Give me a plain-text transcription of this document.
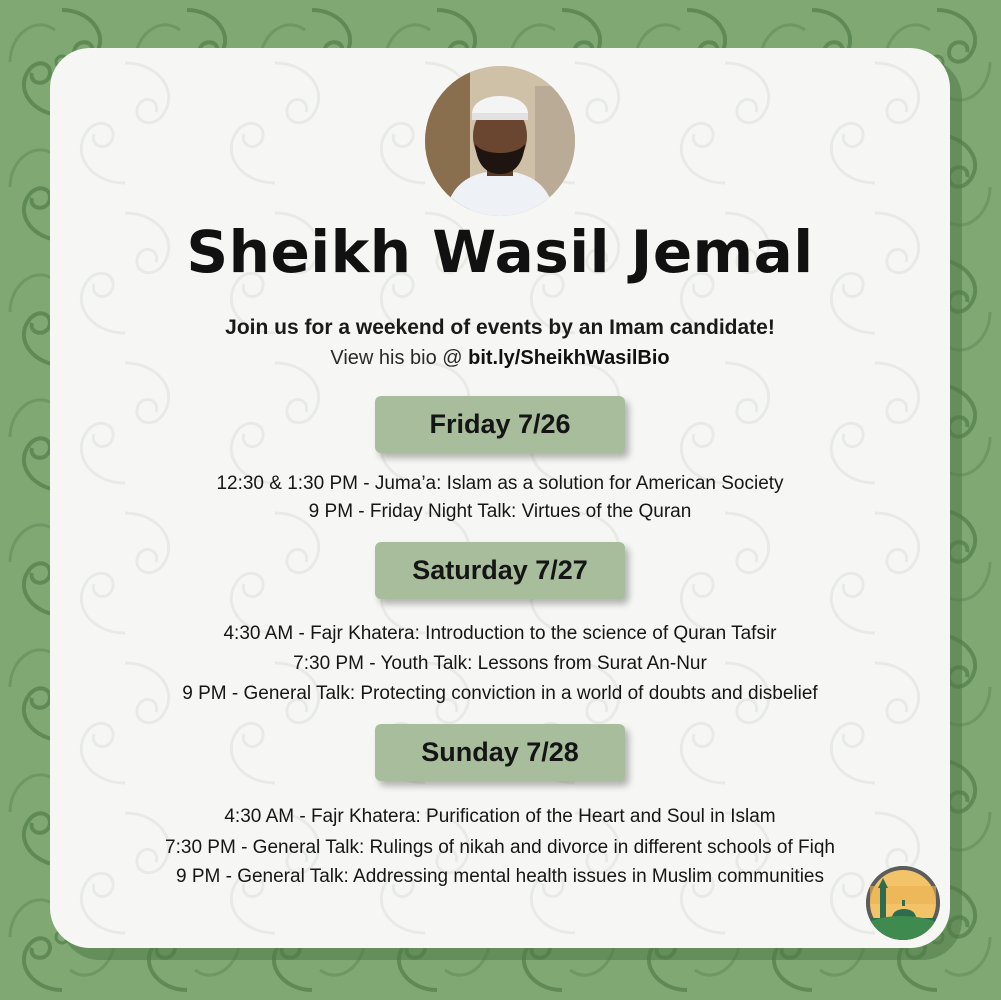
Sheikh Wasil Jemal
Join us for a weekend of events by an Imam candidate!
View his bio @ bit.ly/SheikhWasilBio
Friday 7/26
12:30 & 1:30 PM - Juma’a: Islam as a solution for American Society
9 PM - Friday Night Talk: Virtues of the Quran
Saturday 7/27
4:30 AM - Fajr Khatera: Introduction to the science of Quran Tafsir
7:30 PM - Youth Talk: Lessons from Surat An-Nur
9 PM - General Talk: Protecting conviction in a world of doubts and disbelief
Sunday 7/28
4:30 AM - Fajr Khatera: Purification of the Heart and Soul in Islam
7:30 PM - General Talk: Rulings of nikah and divorce in different schools of Fiqh
9 PM - General Talk: Addressing mental health issues in Muslim communities
